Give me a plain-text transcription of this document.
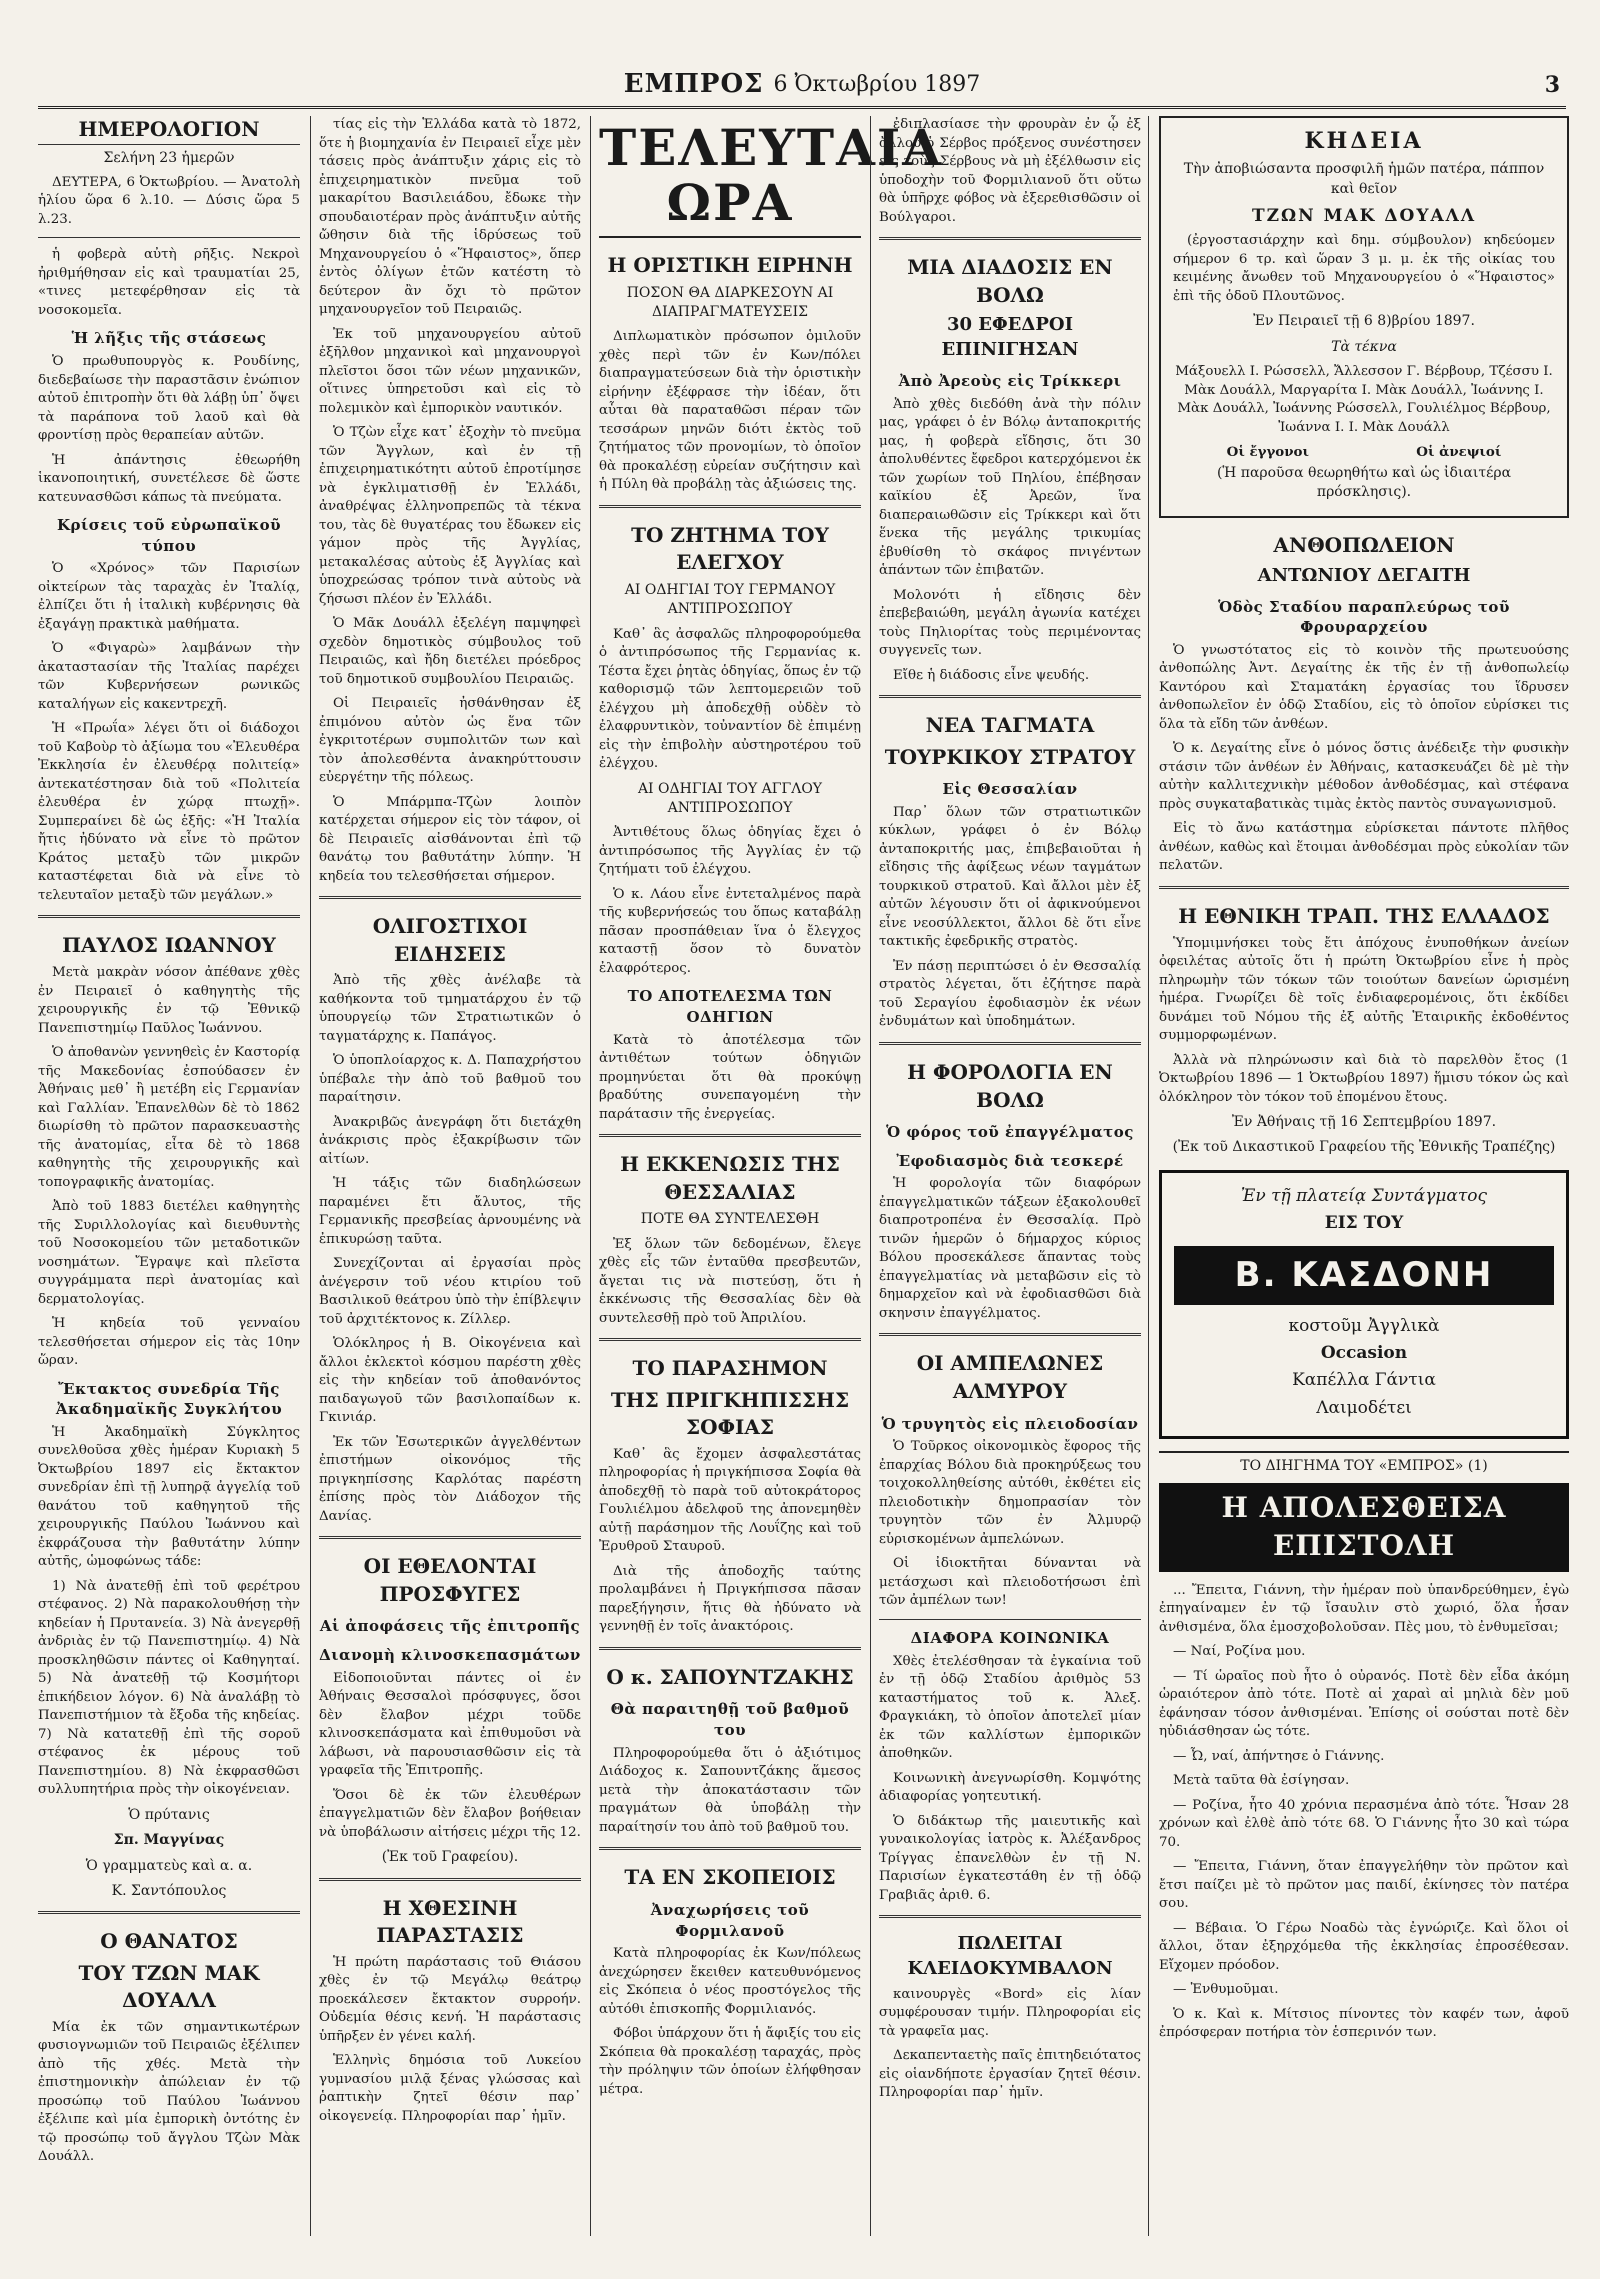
ΕΜΠΡΟΣ 6 Ὀκτωβρίου 1897	3
ΗΜΕΡΟΛΟΓΙΟΝ
Σελήνη 23 ἡμερῶν

ΔΕΥΤΕΡΑ, 6 Ὀκτωβρίου. — Ἀνατολὴ ἡλίου ὥρα 6 λ.10. — Δύσις ὥρα 5 λ.23.

ἡ φοβερὰ αὐτὴ ρῆξις. Νεκροὶ ἠριθμήθησαν εἰς καὶ τραυματίαι 25, «τινες μετεφέρθησαν εἰς τὰ νοσοκομεῖα.

Ἡ λῆξις τῆς στάσεως

Ὁ πρωθυπουργὸς κ. Ρουδίνης, διεδεβαίωσε τὴν παραστᾶσιν ἐνώπιον αὐτοῦ ἐπιτροπὴν ὅτι θὰ λάβῃ ὑπ᾽ ὄψει τὰ παράπονα τοῦ λαοῦ καὶ θὰ φροντίσῃ πρὸς θεραπείαν αὐτῶν.

Ἡ ἀπάντησις ἐθεωρήθη ἱκανοποιητική, συνετέλεσε δὲ ὥστε κατευνασθῶσι κάπως τὰ πνεύματα.

Κρίσεις τοῦ εὐρωπαϊκοῦ τύπου

Ὁ «Χρόνος» τῶν Παρισίων οἰκτείρων τὰς ταραχὰς ἐν Ἰταλίᾳ, ἐλπίζει ὅτι ἡ ἰταλικὴ κυβέρνησις θὰ ἐξαγάγῃ πρακτικὰ μαθήματα.

Ὁ «Φιγαρὼ» λαμβάνων τὴν ἀκαταστασίαν τῆς Ἰταλίας παρέχει τῶν Κυβερνήσεων ρωνικῶς καταλήγων εἰς κακεντρεχῆ.

Ἡ «Πρωΐα» λέγει ὅτι οἱ διάδοχοι τοῦ Καβοὺρ τὸ ἀξίωμα του «Ἐλευθέρα Ἐκκλησία ἐν ἐλευθέρᾳ πολιτείᾳ» ἀντεκατέστησαν διὰ τοῦ «Πολιτεία ἐλευθέρα ἐν χώρᾳ πτωχῇ». Συμπεραίνει δὲ ὡς ἑξῆς: «Ἡ Ἰταλία ἤτις ἠδύνατο νὰ εἶνε τὸ πρῶτον Κράτος μεταξὺ τῶν μικρῶν καταστέφεται διὰ νὰ εἶνε τὸ τελευταῖον μεταξὺ τῶν μεγάλων.»

ΠΑΥΛΟΣ ΙΩΑΝΝΟΥ

Μετὰ μακρὰν νόσον ἀπέθανε χθὲς ἐν Πειραιεῖ ὁ καθηγητὴς τῆς χειρουργικῆς ἐν τῷ Ἐθνικῷ Πανεπιστημίῳ Παῦλος Ἰωάννου.

Ὁ ἀποθανὼν γεννηθεὶς ἐν Καστορίᾳ τῆς Μακεδονίας ἐσπούδασεν ἐν Ἀθήναις μεθ᾽ ἢ μετέβη εἰς Γερμανίαν καὶ Γαλλίαν. Ἐπανελθὼν δὲ τὸ 1862 διωρίσθη τὸ πρῶτον παρασκευαστὴς τῆς ἀνατομίας, εἶτα δὲ τὸ 1868 καθηγητὴς τῆς χειρουργικῆς καὶ τοπογραφικῆς ἀνατομίας.

Ἀπὸ τοῦ 1883 διετέλει καθηγητὴς τῆς Συριλλολογίας καὶ διευθυντὴς τοῦ Νοσοκομείου τῶν μεταδοτικῶν νοσημάτων. Ἔγραψε καὶ πλεῖστα συγγράμματα περὶ ἀνατομίας καὶ δερματολογίας.

Ἡ κηδεία τοῦ γενναίου τελεσθήσεται σήμερον εἰς τὰς 10ην ὥραν.

Ἔκτακτος συνεδρία Τῆς Ἀκαδημαϊκῆς Συγκλήτου

Ἡ Ἀκαδημαϊκὴ Σύγκλητος συνελθοῦσα χθὲς ἡμέραν Κυριακὴ 5 Ὀκτωβρίου 1897 εἰς ἔκτακτον συνεδρίαν ἐπὶ τῇ λυπηρᾷ ἀγγελίᾳ τοῦ θανάτου τοῦ καθηγητοῦ τῆς χειρουργικῆς Παύλου Ἰωάννου καὶ ἐκφράζουσα τὴν βαθυτάτην λύπην αὐτῆς, ὡμοφώνως τάδε:

1) Νὰ ἀνατεθῇ ἐπὶ τοῦ φερέτρου στέφανος. 2) Νὰ παρακολουθήσῃ τὴν κηδείαν ἡ Πρυτανεία. 3) Νὰ ἀνεγερθῇ ἀνδριὰς ἐν τῷ Πανεπιστημίῳ. 4) Νὰ προσκληθῶσιν πάντες οἱ Καθηγηταί. 5) Νὰ ἀνατεθῇ τῷ Κοσμήτορι ἐπικήδειον λόγον. 6) Νὰ ἀναλάβῃ τὸ Πανεπιστήμιον τὰ ἔξοδα τῆς κηδείας. 7) Νὰ κατατεθῇ ἐπὶ τῆς σοροῦ στέφανος ἐκ μέρους τοῦ Πανεπιστημίου. 8) Νὰ ἐκφρασθῶσι συλλυπητήρια πρὸς τὴν οἰκογένειαν.

Ὁ πρύτανις
Σπ. Μαγγίνας
Ὁ γραμματεὺς καὶ α. α.
Κ. Σαντόπουλος
Ο ΘΑΝΑΤΟΣ
ΤΟΥ ΤΖΩΝ ΜΑΚ ΔΟΥΑΛΛ

Μία ἐκ τῶν σημαντικωτέρων φυσιογνωμιῶν τοῦ Πειραιῶς ἐξέλιπεν ἀπὸ τῆς χθές. Μετὰ τὴν ἐπιστημονικὴν ἀπώλειαν ἐν τῷ προσώπῳ τοῦ Παύλου Ἰωάννου ἐξέλιπε καὶ μία ἐμπορικὴ ὀντότης ἐν τῷ προσώπῳ τοῦ ἄγγλου Τζὼν Μὰκ Δουάλλ.

τίας εἰς τὴν Ἑλλάδα κατὰ τὸ 1872, ὅτε ἡ βιομηχανία ἐν Πειραιεῖ εἶχε μὲν τάσεις πρὸς ἀνάπτυξιν χάρις εἰς τὸ ἐπιχειρηματικὸν πνεῦμα τοῦ μακαρίτου Βασιλειάδου, ἔδωκε τὴν σπουδαιοτέραν πρὸς ἀνάπτυξιν αὐτῆς ὤθησιν διὰ τῆς ἱδρύσεως τοῦ Μηχανουργείου ὁ «Ἥφαιστος», ὅπερ ἐντὸς ὀλίγων ἐτῶν κατέστη τὸ δεύτερον ἂν ὄχι τὸ πρῶτον μηχανουργεῖον τοῦ Πειραιῶς.

Ἐκ τοῦ μηχανουργείου αὐτοῦ ἐξῆλθον μηχανικοὶ καὶ μηχανουργοὶ πλεῖστοι ὅσοι τῶν νέων μηχανικῶν, οἵτινες ὑπηρετοῦσι καὶ εἰς τὸ πολεμικὸν καὶ ἐμπορικὸν ναυτικόν.

Ὁ Τζὼν εἶχε κατ᾽ ἐξοχὴν τὸ πνεῦμα τῶν Ἄγγλων, καὶ ἐν τῇ ἐπιχειρηματικότητι αὐτοῦ ἐπροτίμησε νὰ ἐγκλιματισθῇ ἐν Ἑλλάδι, ἀναθρέψας ἑλληνοπρεπῶς τὰ τέκνα του, τὰς δὲ θυγατέρας του ἔδωκεν εἰς γάμον πρὸς τῆς Ἀγγλίας, μετακαλέσας αὐτοὺς ἐξ Ἀγγλίας καὶ ὑποχρεώσας τρόπον τινὰ αὐτοὺς νὰ ζήσωσι πλέον ἐν Ἑλλάδι.

Ὁ Μᾶκ Δουάλλ ἐξελέγη παμψηφεὶ σχεδὸν δημοτικὸς σύμβουλος τοῦ Πειραιῶς, καὶ ἤδη διετέλει πρόεδρος τοῦ δημοτικοῦ συμβουλίου Πειραιῶς.

Οἱ Πειραιεῖς ἠσθάνθησαν ἐξ ἐπιμόνου αὐτὸν ὡς ἕνα τῶν ἐγκριτοτέρων συμπολιτῶν των καὶ τὸν ἀπολεσθέντα ἀνακηρύττουσιν εὐεργέτην τῆς πόλεως.

Ὁ Μπάρμπα-Τζὼν λοιπὸν κατέρχεται σήμερον εἰς τὸν τάφον, οἱ δὲ Πειραιεῖς αἰσθάνονται ἐπὶ τῷ θανάτῳ του βαθυτάτην λύπην. Ἡ κηδεία του τελεσθήσεται σήμερον.

ΟΛΙΓΟΣΤΙΧΟΙ ΕΙΔΗΣΕΙΣ

Ἀπὸ τῆς χθὲς ἀνέλαβε τὰ καθήκοντα τοῦ τμηματάρχου ἐν τῷ ὑπουργείῳ τῶν Στρατιωτικῶν ὁ ταγματάρχης κ. Παπάγος.

Ὁ ὑποπλοίαρχος κ. Δ. Παπαχρήστου ὑπέβαλε τὴν ἀπὸ τοῦ βαθμοῦ του παραίτησιν.

Ἀνακριβῶς ἀνεγράφη ὅτι διετάχθη ἀνάκρισις πρὸς ἐξακρίβωσιν τῶν αἰτίων.

Ἡ τάξις τῶν διαδηλώσεων παραμένει ἔτι ἄλυτος, τῆς Γερμανικῆς πρεσβείας ἀρνουμένης νὰ ἐπικυρώσῃ ταῦτα.

Συνεχίζονται αἱ ἐργασίαι πρὸς ἀνέγερσιν τοῦ νέου κτιρίου τοῦ Βασιλικοῦ θεάτρου ὑπὸ τὴν ἐπίβλεψιν τοῦ ἀρχιτέκτονος κ. Ζίλλερ.

Ὁλόκληρος ἡ Β. Οἰκογένεια καὶ ἄλλοι ἐκλεκτοὶ κόσμου παρέστη χθὲς εἰς τὴν κηδείαν τοῦ ἀποθανόντος παιδαγωγοῦ τῶν βασιλοπαίδων κ. Γκινιάρ.

Ἐκ τῶν Ἐσωτερικῶν ἀγγελθέντων ἐπιστήμων οἰκονόμος τῆς πριγκηπίσσης Καρλότας παρέστη ἐπίσης πρὸς τὸν Διάδοχον τῆς Δανίας.

ΟΙ ΕΘΕΛΟΝΤΑΙ ΠΡΟΣΦΥΓΕΣ
Αἱ ἀποφάσεις τῆς ἐπιτροπῆς
Διανομὴ κλινοσκεπασμάτων

Εἰδοποιοῦνται πάντες οἱ ἐν Ἀθήναις Θεσσαλοὶ πρόσφυγες, ὅσοι δὲν ἔλαβον μέχρι τοῦδε κλινοσκεπάσματα καὶ ἐπιθυμοῦσι νὰ λάβωσι, νὰ παρουσιασθῶσιν εἰς τὰ γραφεῖα τῆς Ἐπιτροπῆς.

Ὅσοι δὲ ἐκ τῶν ἐλευθέρων ἐπαγγελματιῶν δὲν ἔλαβον βοήθειαν νὰ ὑποβάλωσιν αἰτήσεις μέχρι τῆς 12.

(Ἐκ τοῦ Γραφείου).
Η ΧΘΕΣΙΝΗ ΠΑΡΑΣΤΑΣΙΣ

Ἡ πρώτη παράστασις τοῦ Θιάσου χθὲς ἐν τῷ Μεγάλῳ θεάτρῳ προεκάλεσεν ἔκτακτον συρροήν. Οὐδεμία θέσις κενή. Ἡ παράστασις ὑπῆρξεν ἐν γένει καλή.

Ἑλληνὶς δημόσια τοῦ Λυκείου γυμνασίου μιλᾷ ξένας γλώσσας καὶ ῥαπτικὴν ζητεῖ θέσιν παρ᾽ οἰκογενείᾳ. Πληροφορίαι παρ᾽ ἡμῖν.

ΤΕΛΕΥΤΑΙΑ ΩΡΑ
Η ΟΡΙΣΤΙΚΗ ΕΙΡΗΝΗ
ΠΟΣΟΝ ΘΑ ΔΙΑΡΚΕΣΟΥΝ ΑΙ ΔΙΑΠΡΑΓΜΑΤΕΥΣΕΙΣ

Διπλωματικὸν πρόσωπον ὁμιλοῦν χθὲς περὶ τῶν ἐν Κων/πόλει διαπραγματεύσεων διὰ τὴν ὁριστικὴν εἰρήνην ἐξέφρασε τὴν ἰδέαν, ὅτι αὗται θὰ παραταθῶσι πέραν τῶν τεσσάρων μηνῶν διότι ἐκτὸς τοῦ ζητήματος τῶν προνομίων, τὸ ὁποῖον θὰ προκαλέσῃ εὐρείαν συζήτησιν καὶ ἡ Πύλη θὰ προβάλῃ τὰς ἀξιώσεις της.

ΤΟ ΖΗΤΗΜΑ ΤΟΥ ΕΛΕΓΧΟΥ
ΑΙ ΟΔΗΓΙΑΙ ΤΟΥ ΓΕΡΜΑΝΟΥ ΑΝΤΙΠΡΟΣΩΠΟΥ

Καθ᾽ ἃς ἀσφαλῶς πληροφορούμεθα ὁ ἀντιπρόσωπος τῆς Γερμανίας κ. Τέστα ἔχει ῥητὰς ὁδηγίας, ὅπως ἐν τῷ καθορισμῷ τῶν λεπτομερειῶν τοῦ ἐλέγχου μὴ ἀποδεχθῇ οὐδὲν τὸ ἐλαφρυντικὸν, τοὐναντίον δὲ ἐπιμένῃ εἰς τὴν ἐπιβολὴν αὐστηροτέρου τοῦ ἐλέγχου.

ΑΙ ΟΔΗΓΙΑΙ ΤΟΥ ΑΓΓΛΟΥ ΑΝΤΙΠΡΟΣΩΠΟΥ

Ἀντιθέτους ὅλως ὁδηγίας ἔχει ὁ ἀντιπρόσωπος τῆς Ἀγγλίας ἐν τῷ ζητήματι τοῦ ἐλέγχου.

Ὁ κ. Λάου εἶνε ἐντεταλμένος παρὰ τῆς κυβερνήσεώς του ὅπως καταβάλῃ πᾶσαν προσπάθειαν ἵνα ὁ ἔλεγχος καταστῇ ὅσον τὸ δυνατὸν ἐλαφρότερος.

ΤΟ ΑΠΟΤΕΛΕΣΜΑ ΤΩΝ ΟΔΗΓΙΩΝ

Κατὰ τὸ ἀποτέλεσμα τῶν ἀντιθέτων τούτων ὁδηγιῶν προμηνύεται ὅτι θὰ προκύψῃ βραδύτης συνεπαγομένη τὴν παράτασιν τῆς ἐνεργείας.

Η ΕΚΚΕΝΩΣΙΣ ΤΗΣ ΘΕΣΣΑΛΙΑΣ
ΠΟΤΕ ΘΑ ΣΥΝΤΕΛΕΣΘΗ

Ἐξ ὅλων τῶν δεδομένων, ἔλεγε χθὲς εἷς τῶν ἐνταῦθα πρεσβευτῶν, ἄγεται τις νὰ πιστεύσῃ, ὅτι ἡ ἐκκένωσις τῆς Θεσσαλίας δὲν θὰ συντελεσθῇ πρὸ τοῦ Ἀπριλίου.

ΤΟ ΠΑΡΑΣΗΜΟΝ
ΤΗΣ ΠΡΙΓΚΗΠΙΣΣΗΣ ΣΟΦΙΑΣ

Καθ᾽ ἃς ἔχομεν ἀσφαλεστάτας πληροφορίας ἡ πριγκήπισσα Σοφία θὰ ἀποδεχθῇ τὸ παρὰ τοῦ αὐτοκράτορος Γουλιέλμου ἀδελφοῦ της ἀπονεμηθὲν αὐτῇ παράσημον τῆς Λουΐζης καὶ τοῦ Ἐρυθροῦ Σταυροῦ.

Διὰ τῆς ἀποδοχῆς ταύτης προλαμβάνει ἡ Πριγκήπισσα πᾶσαν παρεξήγησιν, ἥτις θὰ ἠδύνατο νὰ γεννηθῇ ἐν τοῖς ἀνακτόροις.

Ο κ. ΣΑΠΟΥΝΤΖΑΚΗΣ
Θὰ παραιτηθῇ τοῦ βαθμοῦ του

Πληροφορούμεθα ὅτι ὁ ἀξιότιμος Διάδοχος κ. Σαπουντζάκης ἅμεσος μετὰ τὴν ἀποκατάστασιν τῶν πραγμάτων θὰ ὑποβάλῃ τὴν παραίτησίν του ἀπὸ τοῦ βαθμοῦ του.

ΤΑ ΕΝ ΣΚΟΠΕΙΟΙΣ
Ἀναχωρήσεις τοῦ Φορμιλανοῦ

Κατὰ πληροφορίας ἐκ Κων/πόλεως ἀνεχώρησεν ἔκειθεν κατευθυνόμενος εἰς Σκόπεια ὁ νέος προστόγελος τῆς αὐτόθι ἐπισκοπῆς Φορμιλιανός.

Φόβοι ὑπάρχουν ὅτι ἡ ἄφιξίς του εἰς Σκόπεια θὰ προκαλέσῃ ταραχάς, πρὸς τὴν πρόληψιν τῶν ὁποίων ἐλήφθησαν μέτρα.

ἐδιπλασίασε τὴν φρουρὰν ἐν ᾧ ἐξ ἄλλου ὁ Σέρβος πρόξενος συνέστησεν εἰς τοὺς Σέρβους νὰ μὴ ἐξέλθωσιν εἰς ὑποδοχὴν τοῦ Φορμιλιανοῦ ὅτι οὕτω θὰ ὑπῆρχε φόβος νὰ ἐξερεθισθῶσιν οἱ Βούλγαροι.

ΜΙΑ ΔΙΑΔΟΣΙΣ ΕΝ ΒΟΛΩ
30 ΕΦΕΔΡΟΙ ΕΠΙΝΙΓΗΣΑΝ
Ἀπὸ Ἀρεοὺς εἰς Τρίκκερι

Ἀπὸ χθὲς διεδόθη ἀνὰ τὴν πόλιν μας, γράφει ὁ ἐν Βόλῳ ἀνταποκριτής μας, ἡ φοβερὰ εἴδησις, ὅτι 30 ἀπολυθέντες ἔφεδροι κατερχόμενοι ἐκ τῶν χωρίων τοῦ Πηλίου, ἐπέβησαν καϊκίου ἐξ Ἀρεῶν, ἵνα διαπεραιωθῶσιν εἰς Τρίκκερι καὶ ὅτι ἕνεκα τῆς μεγάλης τρικυμίας ἐβυθίσθη τὸ σκάφος πνιγέντων ἁπάντων τῶν ἐπιβατῶν.

Μολονότι ἡ εἴδησις δὲν ἐπεβεβαιώθη, μεγάλη ἀγωνία κατέχει τοὺς Πηλιορίτας τοὺς περιμένοντας συγγενεῖς των.

Εἴθε ἡ διάδοσις εἶνε ψευδής.

ΝΕΑ ΤΑΓΜΑΤΑ
ΤΟΥΡΚΙΚΟΥ ΣΤΡΑΤΟΥ
Εἰς Θεσσαλίαν

Παρ᾽ ὅλων τῶν στρατιωτικῶν κύκλων, γράφει ὁ ἐν Βόλῳ ἀνταποκριτής μας, ἐπιβεβαιοῦται ἡ εἴδησις τῆς ἀφίξεως νέων ταγμάτων τουρκικοῦ στρατοῦ. Καὶ ἄλλοι μὲν ἐξ αὐτῶν λέγουσιν ὅτι οἱ ἀφικνούμενοι εἶνε νεοσύλλεκτοι, ἄλλοι δὲ ὅτι εἶνε τακτικῆς ἐφεδρικῆς στρατὸς.

Ἐν πάσῃ περιπτώσει ὁ ἐν Θεσσαλίᾳ στρατὸς λέγεται, ὅτι ἐζήτησε παρὰ τοῦ Σεραγίου ἐφοδιασμὸν ἐκ νέων ἐνδυμάτων καὶ ὑποδημάτων.

Η ΦΟΡΟΛΟΓΙΑ ΕΝ ΒΟΛΩ
Ὁ φόρος τοῦ ἐπαγγέλματος
Ἐφοδιασμὸς διὰ τεσκερέ

Ἡ φορολογία τῶν διαφόρων ἐπαγγελματικῶν τάξεων ἐξακολουθεῖ διαπροτροπένα ἐν Θεσσαλίᾳ. Πρὸ τινῶν ἡμερῶν ὁ δήμαρχος κύριος Βόλου προσεκάλεσε ἅπαντας τοὺς ἐπαγγελματίας νὰ μεταβῶσιν εἰς τὸ δημαρχεῖον καὶ νὰ ἐφοδιασθῶσι διὰ σκηνσιν ἐπαγγέλματος.

ΟΙ ΑΜΠΕΛΩΝΕΣ ΑΛΜΥΡΟΥ
Ὁ τρυγητὸς εἰς πλειοδοσίαν

Ὁ Τοῦρκος οἰκονομικὸς ἔφορος τῆς ἐπαρχίας Βόλου διὰ προκηρύξεως του τοιχοκολληθείσης αὐτόθι, ἐκθέτει εἰς πλειοδοτικὴν δημοπρασίαν τὸν τρυγητὸν τῶν ἐν Ἀλμυρῷ εὑρισκομένων ἀμπελώνων.

Οἱ ἰδιοκτῆται δύνανται νὰ μετάσχωσι καὶ πλειοδοτήσωσι ἐπὶ τῶν ἀμπέλων των!

ΔΙΑΦΟΡΑ ΚΟΙΝΩΝΙΚΑ

Χθὲς ἐτελέσθησαν τὰ ἐγκαίνια τοῦ ἐν τῇ ὁδῷ Σταδίου ἀριθμὸς 53 καταστήματος τοῦ κ. Ἀλεξ. Φραγκιάκη, τὸ ὁποῖον ἀποτελεῖ μίαν ἐκ τῶν καλλίστων ἐμπορικῶν ἀποθηκῶν.

Κοινωνικὴ ἀνεγνωρίσθη. Κομψότης ἀδιαφορίας γοητευτική.

Ὁ διδάκτωρ τῆς μαιευτικῆς καὶ γυναικολογίας ἰατρὸς κ. Ἀλέξανδρος Τρίγγας ἐπανελθὼν ἐν τῇ Ν. Παρισίων ἐγκατεστάθη ἐν τῇ ὁδῷ Γραβιᾶς ἀριθ. 6.

ΠΩΛΕΙΤΑΙ ΚΛΕΙΔΟΚΥΜΒΑΛΟΝ

καινουργὲς «Bord» εἰς λίαν συμφέρουσαν τιμήν. Πληροφορίαι εἰς τὰ γραφεῖα μας.

Δεκαπενταετὴς παῖς ἐπιτηδειότατος εἰς οἱανδήποτε ἐργασίαν ζητεῖ θέσιν. Πληροφορίαι παρ᾽ ἡμῖν.

ΚΗΔΕΙΑ
Τὴν ἀποβιώσαντα προσφιλῆ ἡμῶν πατέρα, πάππον καὶ θεῖον
ΤΖΩΝ ΜΑΚ ΔΟΥΑΛΛ

(ἐργοστασιάρχην καὶ δημ. σύμβουλον) κηδεύομεν σήμερον 6 τρ. καὶ ὥραν 3 μ. μ. ἐκ τῆς οἰκίας του κειμένης ἄνωθεν τοῦ Μηχανουργείου ὁ «Ἥφαιστος» ἐπὶ τῆς ὁδοῦ Πλουτῶνος.

Ἐν Πειραιεῖ τῇ 6 8)βρίου 1897.
Τὰ τέκνα

Μάξουελλ Ι. Ρώσσελλ, Ἄλλεσσον Γ. Βέρβουρ, Τζέσσυ Ι. Μὰκ Δουάλλ, Μαργαρίτα Ι. Μὰκ Δουάλλ, Ἰωάννης Ι. Μὰκ Δουάλλ, Ἰωάννης Ρώσσελλ, Γουλιέλμος Βέρβουρ, Ἰωάννα Ι. Ι. Μὰκ Δουάλλ

Οἱ ἔγγονοι	Οἱ ἀνεψιοί
(Ἡ παροῦσα θεωρηθήτω καὶ ὡς ἰδιαιτέρα πρόσκλησις).
ΑΝΘΟΠΩΛΕΙΟΝ
ΑΝΤΩΝΙΟΥ ΔΕΓΑΙΤΗ
Ὁδὸς Σταδίου παραπλεύρως τοῦ Φρουραρχείου

Ὁ γνωστότατος εἰς τὸ κοινὸν τῆς πρωτευούσης ἀνθοπώλης Ἀντ. Δεγαίτης ἐκ τῆς ἐν τῇ ἀνθοπωλείῳ Καντόρου καὶ Σταματάκη ἐργασίας του ἵδρυσεν ἀνθοπωλεῖον ἐν ὁδῷ Σταδίου, εἰς τὸ ὁποῖον εὑρίσκει τις ὅλα τὰ εἴδη τῶν ἀνθέων.

Ὁ κ. Δεγαίτης εἶνε ὁ μόνος ὅστις ἀνέδειξε τὴν φυσικὴν στάσιν τῶν ἀνθέων ἐν Ἀθήναις, κατασκευάζει δὲ μὲ τὴν αὐτὴν καλλιτεχνικὴν μέθοδον ἀνθοδέσμας, καὶ στέφανα πρὸς συγκαταβατικὰς τιμὰς ἐκτὸς παντὸς συναγωνισμοῦ.

Εἰς τὸ ἄνω κατάστημα εὑρίσκεται πάντοτε πλῆθος ἀνθέων, καθὼς καὶ ἕτοιμαι ἀνθοδέσμαι πρὸς εὐκολίαν τῶν πελατῶν.

Η ΕΘΝΙΚΗ ΤΡΑΠ. ΤΗΣ ΕΛΛΑΔΟΣ

Ὑπομιμνήσκει τοὺς ἔτι ἀπόχους ἐνυποθήκων ἀνείων ὀφειλέτας αὐτοῖς ὅτι ἡ πρώτη Ὀκτωβρίου εἶνε ἡ πρὸς πληρωμὴν τῶν τόκων τῶν τοιούτων δανείων ὡρισμένη ἡμέρα. Γνωρίζει δὲ τοῖς ἐνδιαφερομένοις, ὅτι ἐκδίδει δυνάμει τοῦ Νόμου τῆς ἐξ αὐτῆς Ἑταιρικῆς ἐκδοθέντος συμμορφωμένων.

Ἀλλὰ νὰ πληρώνωσιν καὶ διὰ τὸ παρελθὸν ἔτος (1 Ὀκτωβρίου 1896 — 1 Ὀκτωβρίου 1897) ἥμισυ τόκον ὡς καὶ ὁλόκληρον τὸν τόκον τοῦ ἐπομένου ἔτους.

Ἐν Ἀθήναις τῇ 16 Σεπτεμβρίου 1897.
(Ἐκ τοῦ Δικαστικοῦ Γραφείου τῆς Ἐθνικῆς Τραπέζης)
Ἐν τῇ πλατείᾳ Συντάγματος
ΕΙΣ ΤΟΥ
Β. ΚΑΣΔΟΝΗ
κοστοῦμ Ἀγγλικὰ
Occasion
Καπέλλα Γάντια
Λαιμοδέτει
ΤΟ ΔΙΗΓΗΜΑ ΤΟΥ «ΕΜΠΡΟΣ» (1)
Η ΑΠΟΛΕΣΘΕΙΣΑ ΕΠΙΣΤΟΛΗ

... Ἔπειτα, Γιάννη, τὴν ἡμέραν ποὺ ὑπανδρεύθημεν, ἐγὼ ἐπηγαίναμεν ἐν τῷ ἴσαυλιν στὸ χωριό, ὅλα ἦσαν ἀνθισμένα, ὅλα ἐμοσχοβολοῦσαν. Πὲς μου, τὸ ἐνθυμεῖσαι;

— Ναί, Ροζίνα μου.

— Τί ὡραῖος ποὺ ἦτο ὁ οὐρανός. Ποτὲ δὲν εἶδα ἀκόμη ὡραιότερον ἀπὸ τότε. Ποτὲ αἱ χαραὶ αἱ μηλιὰ δὲν μοῦ ἐφάνησαν τόσον ἀνθισμέναι. Ἐπίσης οἱ σούσται ποτὲ δὲν ηὐδιάσθησαν ὡς τότε.

— Ὦ, ναί, ἀπήντησε ὁ Γιάννης.

Μετὰ ταῦτα θὰ ἐσίγησαν.

— Ροζίνα, ἦτο 40 χρόνια περασμένα ἀπὸ τότε. Ἦσαν 28 χρόνων καὶ ἐλθὲ ἀπὸ τότε 68. Ὁ Γιάννης ἦτο 30 καὶ τώρα 70.

— Ἔπειτα, Γιάννη, ὅταν ἐπαγγελήθην τὸν πρῶτον καὶ ἔτσι παίζει μὲ τὸ πρῶτον μας παιδί, ἐκίνησες τὸν πατέρα σου.

— Βέβαια. Ὁ Γέρω Νοαδὼ τὰς ἐγνώριζε. Καὶ ὅλοι οἱ ἄλλοι, ὅταν ἐξηρχόμεθα τῆς ἐκκλησίας ἐπροσέθεσαν. Εἴχομεν πρόοδον.

— Ἐνθυμοῦμαι.

Ὁ κ. Καὶ κ. Μίτσιος πίνοντες τὸν καφέν των, ἀφοῦ ἐπρόσφεραν ποτήρια τὸν ἑσπερινόν των.
